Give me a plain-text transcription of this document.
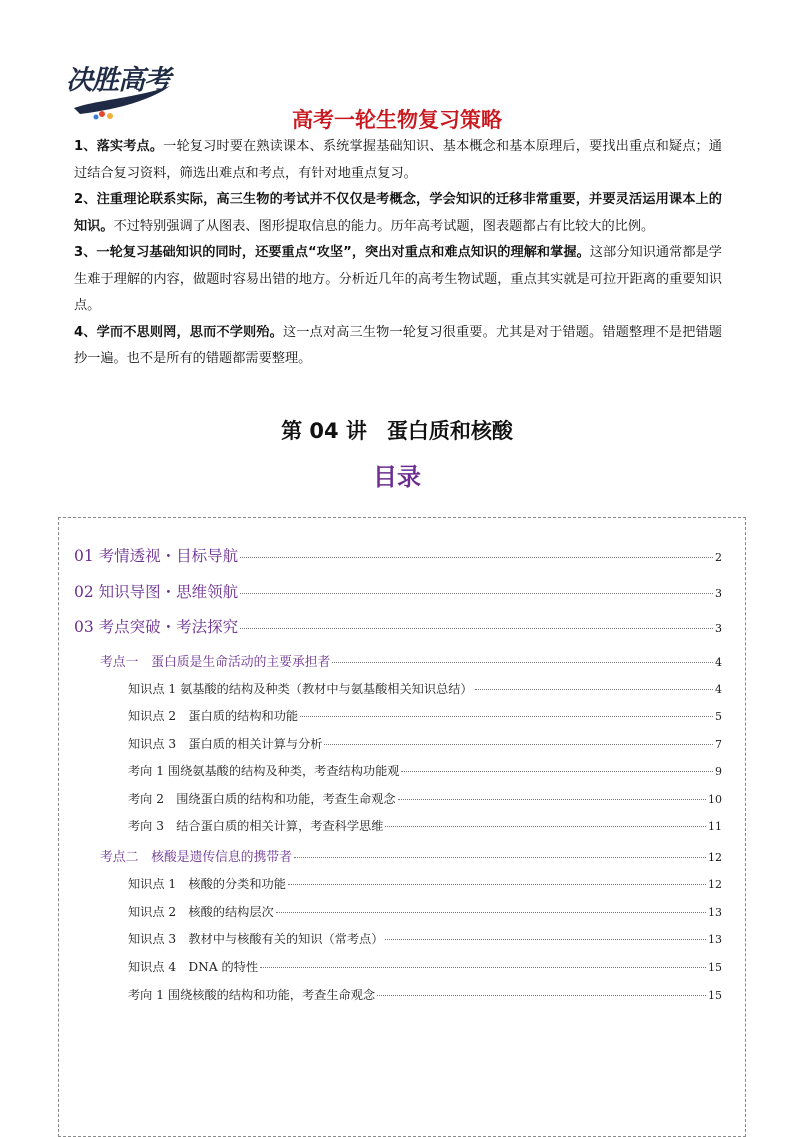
决胜高考
高考一轮生物复习策略

1、落实考点。一轮复习时要在熟读课本、系统掌握基础知识、基本概念和基本原理后，要找出重点和疑点；通过结合复习资料，筛选出难点和考点，有针对地重点复习。

2、注重理论联系实际，高三生物的考试并不仅仅是考概念，学会知识的迁移非常重要，并要灵活运用课本上的知识。不过特别强调了从图表、图形提取信息的能力。历年高考试题，图表题都占有比较大的比例。

3、一轮复习基础知识的同时，还要重点“攻坚”，突出对重点和难点知识的理解和掌握。这部分知识通常都是学生难于理解的内容，做题时容易出错的地方。分析近几年的高考生物试题，重点其实就是可拉开距离的重要知识点。

4、学而不思则罔，思而不学则殆。这一点对高三生物一轮复习很重要。尤其是对于错题。错题整理不是把错题抄一遍。也不是所有的错题都需要整理。

第 04 讲 蛋白质和核酸
目录
01 考情透视・目标导航	2
02 知识导图・思维领航	3
03 考点突破・考法探究	3
考点一　蛋白质是生命活动的主要承担者	4
知识点 1 氨基酸的结构及种类（教材中与氨基酸相关知识总结）	4
知识点 2　蛋白质的结构和功能	5
知识点 3　蛋白质的相关计算与分析	7
考向 1 围绕氨基酸的结构及种类，考查结构功能观	9
考向 2　围绕蛋白质的结构和功能，考查生命观念	10
考向 3　结合蛋白质的相关计算，考查科学思维	11
考点二　核酸是遗传信息的携带者	12
知识点 1　核酸的分类和功能	12
知识点 2　核酸的结构层次	13
知识点 3　教材中与核酸有关的知识（常考点）	13
知识点 4　DNA 的特性	15
考向 1 围绕核酸的结构和功能，考查生命观念	15
